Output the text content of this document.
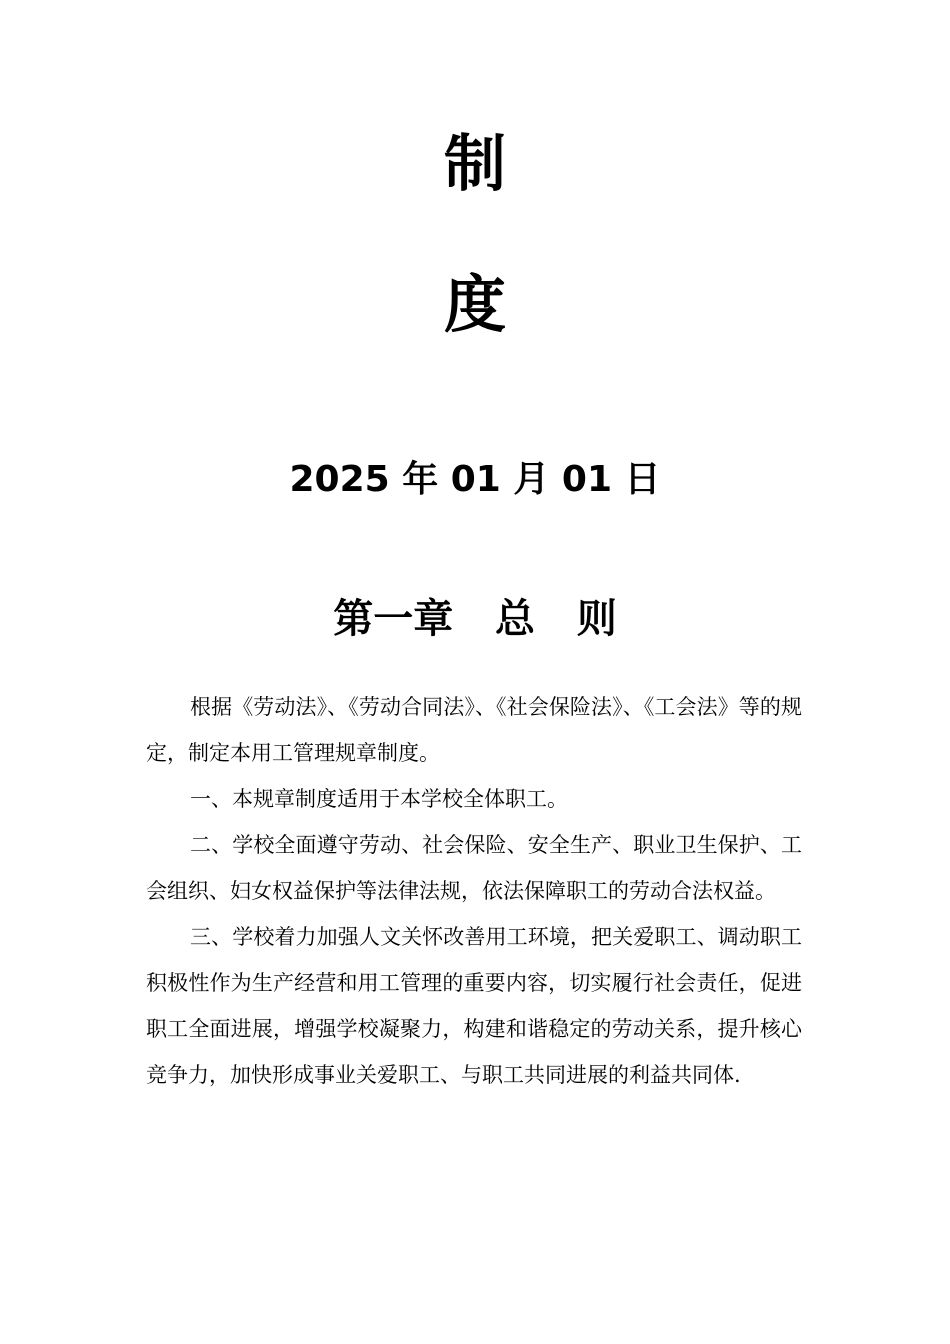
制
度
2025 年 01 月 01 日
第一章   总   则

根据《劳动法》、《劳动合同法》、《社会保险法》、《工会法》等的规定，制定本用工管理规章制度。

一、本规章制度适用于本学校全体职工。

二、学校全面遵守劳动、社会保险、安全生产、职业卫生保护、工会组织、妇女权益保护等法律法规，依法保障职工的劳动合法权益。

三、学校着力加强人文关怀改善用工环境，把关爱职工、调动职工积极性作为生产经营和用工管理的重要内容，切实履行社会责任，促进职工全面进展，增强学校凝聚力，构建和谐稳定的劳动关系，提升核心竞争力，加快形成事业关爱职工、与职工共同进展的利益共同体.
